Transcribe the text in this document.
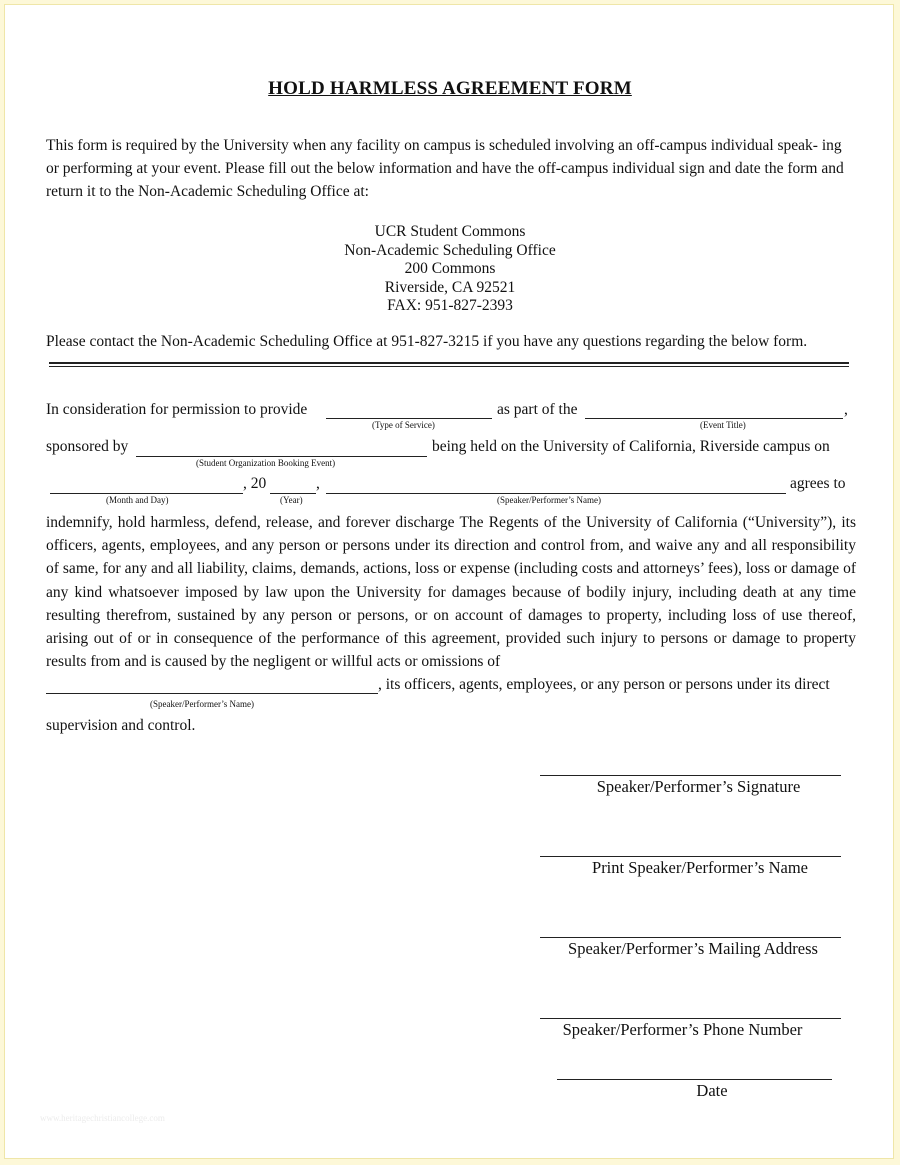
HOLD HARMLESS AGREEMENT FORM
This form is required by the University when any facility on campus is scheduled involving an off-campus individual speak- ing or performing at your event. Please fill out the below information and have the off-campus individual sign and date the form and return it to the Non-Academic Scheduling Office at:
UCR Student Commons
Non-Academic Scheduling Office
200 Commons
Riverside, CA 92521
FAX: 951-827-2393
Please contact the Non-Academic Scheduling Office at 951-827-3215 if you have any questions regarding the below form.
In consideration for permission to provide
(Type of Service)
as part of the	,
(Event Title)
sponsored by
(Student Organization Booking Event)
being held on the University of California, Riverside campus on
(Month and Day)
, 20	,
(Year)	(Speaker/Performer’s Name)
agrees to
indemnify, hold harmless, defend, release, and forever discharge The Regents of the University of California (“University”), its officers, agents, employees, and any person or persons under its direction and control from, and waive any and all responsibility of same, for any and all liability, claims, demands, actions, loss or expense (including costs and attorneys’ fees), loss or damage of any kind whatsoever imposed by law upon the University for damages because of bodily injury, including death at any time resulting therefrom, sustained by any person or persons, or on account of damages to property, including loss of use thereof, arising out of or in consequence of the performance of this agreement, provided such injury to persons or damage to property results from and is caused by the negligent or willful acts or omissions of
, its officers, agents, employees, or any person or persons under its direct
(Speaker/Performer’s Name)
supervision and control.
Speaker/Performer’s Signature
Print Speaker/Performer’s Name
Speaker/Performer’s Mailing Address
Speaker/Performer’s Phone Number
Date
www.heritagechristiancollege.com
